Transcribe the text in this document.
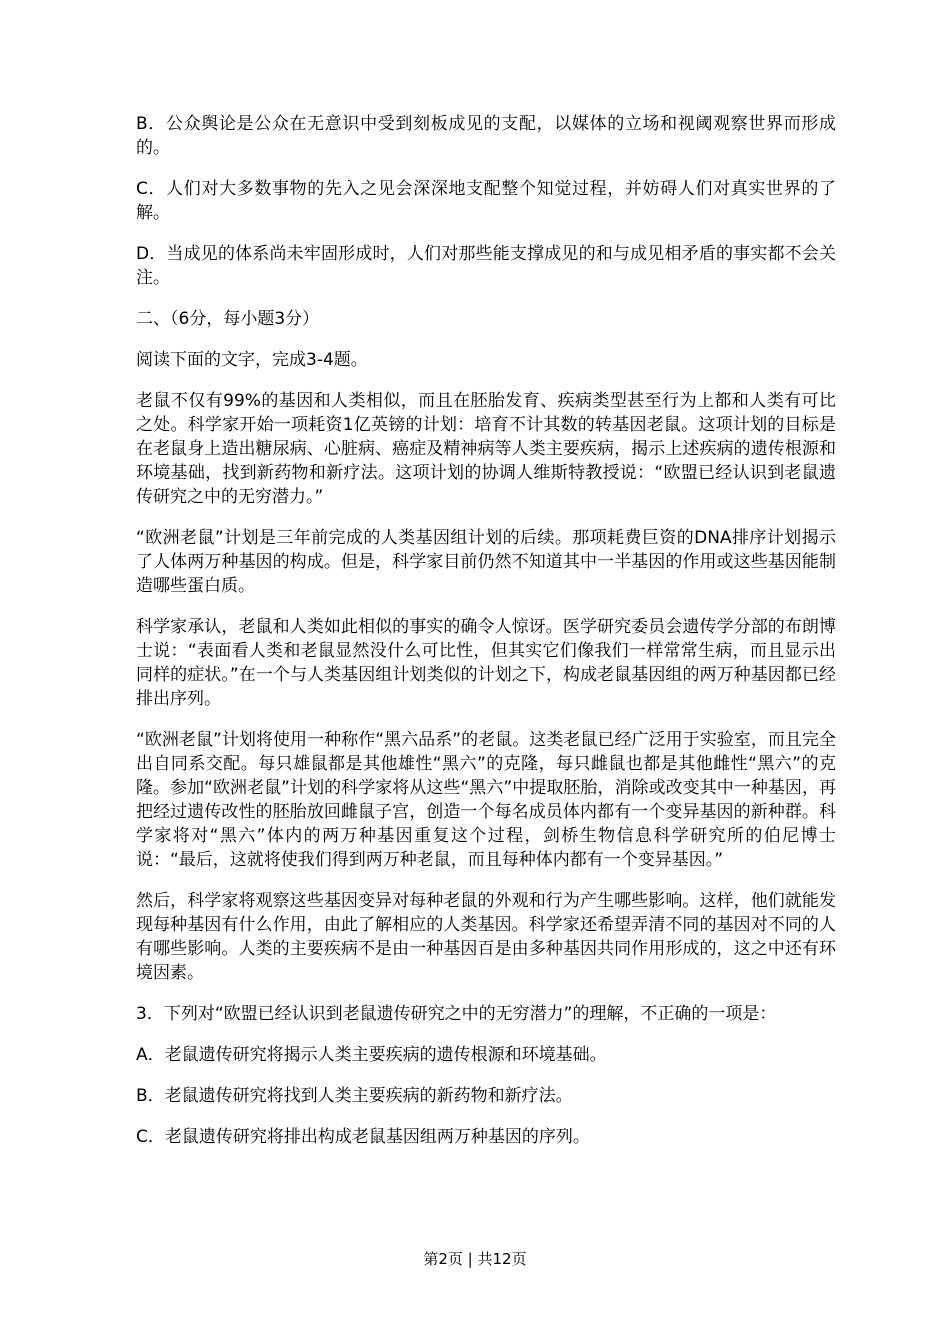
B．公众舆论是公众在无意识中受到刻板成见的支配，以媒体的立场和视阈观察世界而形成的。

C．人们对大多数事物的先入之见会深深地支配整个知觉过程，并妨碍人们对真实世界的了解。

D．当成见的体系尚未牢固形成时，人们对那些能支撑成见的和与成见相矛盾的事实都不会关注。

二、（6分，每小题3分）

阅读下面的文字，完成3-4题。

老鼠不仅有99%的基因和人类相似，而且在胚胎发育、疾病类型甚至行为上都和人类有可比之处。科学家开始一项耗资1亿英镑的计划：培育不计其数的转基因老鼠。这项计划的目标是在老鼠身上造出糖尿病、心脏病、癌症及精神病等人类主要疾病，揭示上述疾病的遗传根源和环境基础，找到新药物和新疗法。这项计划的协调人维斯特教授说：“欧盟已经认识到老鼠遗传研究之中的无穷潜力。”

“欧洲老鼠”计划是三年前完成的人类基因组计划的后续。那项耗费巨资的DNA排序计划揭示了人体两万种基因的构成。但是，科学家目前仍然不知道其中一半基因的作用或这些基因能制造哪些蛋白质。

科学家承认，老鼠和人类如此相似的事实的确令人惊讶。医学研究委员会遗传学分部的布朗博士说：“表面看人类和老鼠显然没什么可比性，但其实它们像我们一样常常生病，而且显示出同样的症状。”在一个与人类基因组计划类似的计划之下，构成老鼠基因组的两万种基因都已经排出序列。

“欧洲老鼠”计划将使用一种称作“黑六品系”的老鼠。这类老鼠已经广泛用于实验室，而且完全出自同系交配。每只雄鼠都是其他雄性“黑六”的克隆，每只雌鼠也都是其他雌性“黑六”的克隆。参加“欧洲老鼠”计划的科学家将从这些“黑六”中提取胚胎，消除或改变其中一种基因，再把经过遗传改性的胚胎放回雌鼠子宫，创造一个每名成员体内都有一个变异基因的新种群。科学家将对“黑六”体内的两万种基因重复这个过程，剑桥生物信息科学研究所的伯尼博士说：“最后，这就将使我们得到两万种老鼠，而且每种体内都有一个变异基因。”

然后，科学家将观察这些基因变异对每种老鼠的外观和行为产生哪些影响。这样，他们就能发现每种基因有什么作用，由此了解相应的人类基因。科学家还希望弄清不同的基因对不同的人有哪些影响。人类的主要疾病不是由一种基因百是由多种基因共同作用形成的，这之中还有环境因素。

3．下列对“欧盟已经认识到老鼠遗传研究之中的无穷潜力”的理解，不正确的一项是：

A．老鼠遗传研究将揭示人类主要疾病的遗传根源和环境基础。

B．老鼠遗传研究将找到人类主要疾病的新药物和新疗法。

C．老鼠遗传研究将排出构成老鼠基因组两万种基因的序列。

第2页 | 共12页
